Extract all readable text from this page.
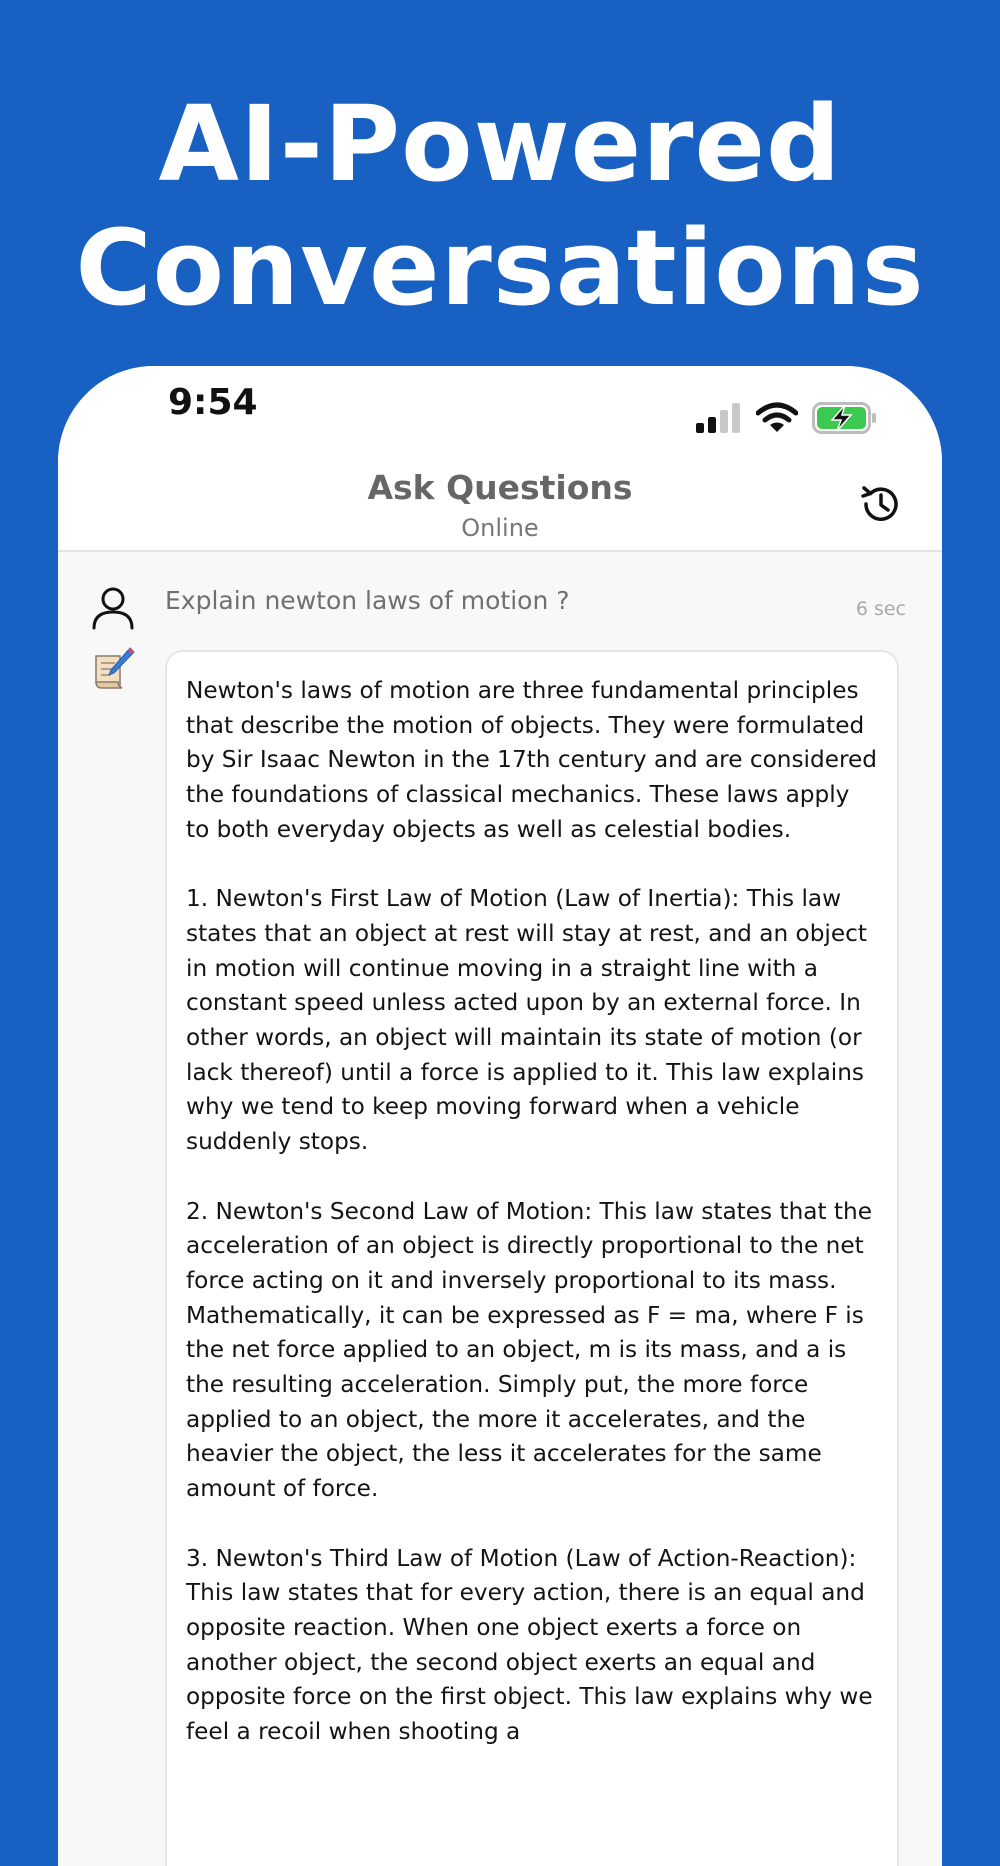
AI-Powered
Conversations
9:54
Ask Questions
Online
Explain newton laws of motion ?	6 sec

Newton's laws of motion are three fundamental principles that describe the motion of objects. They were formulated by Sir Isaac Newton in the 17th century and are considered the foundations of classical mechanics. These laws apply to both everyday objects as well as celestial bodies.
1. Newton's First Law of Motion (Law of Inertia): This law states that an object at rest will stay at rest, and an object in motion will continue moving in a straight line with a constant speed unless acted upon by an external force. In other words, an object will maintain its state of motion (or lack thereof) until a force is applied to it. This law explains why we tend to keep moving forward when a vehicle suddenly stops.
2. Newton's Second Law of Motion: This law states that the acceleration of an object is directly proportional to the net force acting on it and inversely proportional to its mass. Mathematically, it can be expressed as F = ma, where F is the net force applied to an object, m is its mass, and a is the resulting acceleration. Simply put, the more force applied to an object, the more it accelerates, and the heavier the object, the less it accelerates for the same amount of force.
3. Newton's Third Law of Motion (Law of Action-Reaction): This law states that for every action, there is an equal and opposite reaction. When one object exerts a force on another object, the second object exerts an equal and opposite force on the first object. This law explains why we feel a recoil when shooting a
